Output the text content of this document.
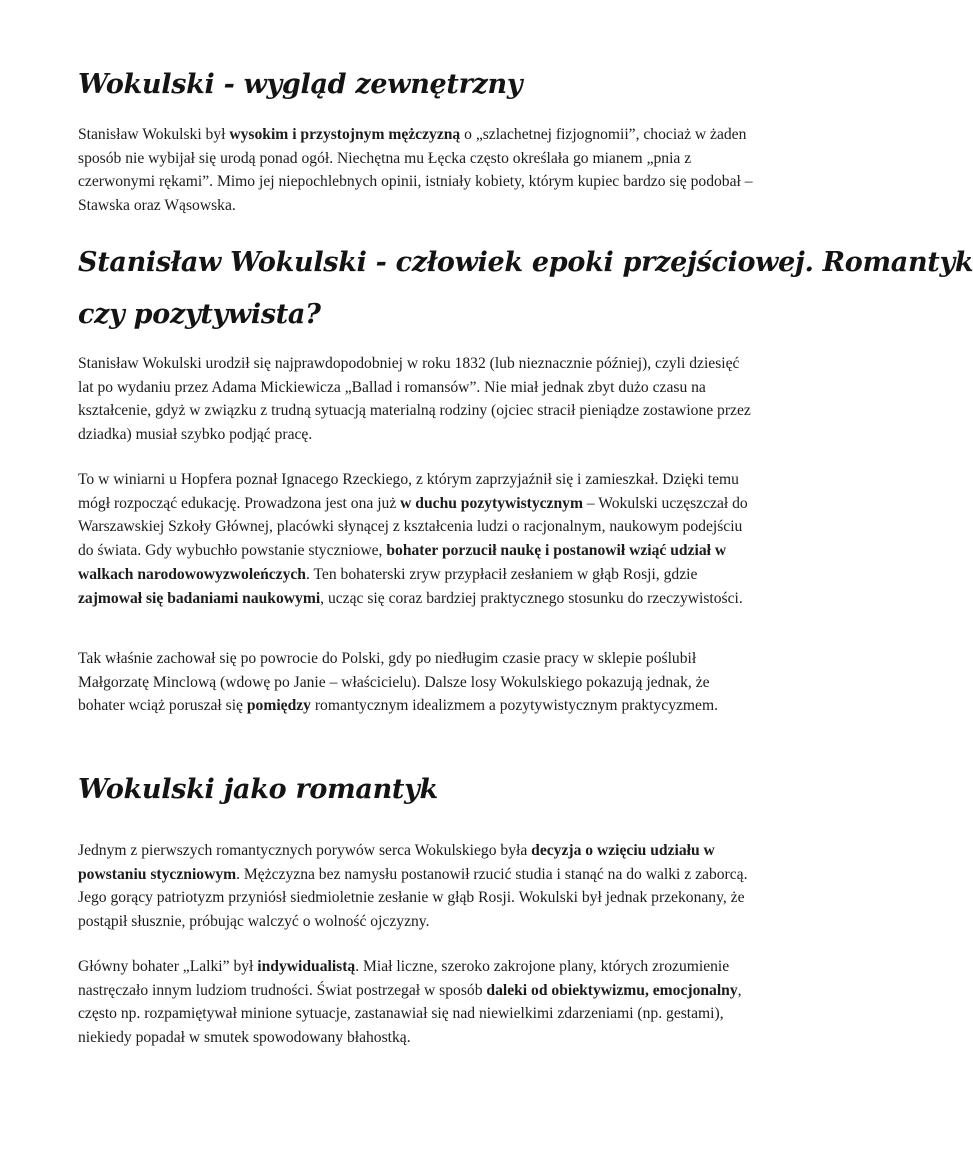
Wokulski - wygląd zewnętrzny

Stanisław Wokulski był wysokim i przystojnym mężczyzną o „szlachetnej fizjognomii”, chociaż w żaden sposób nie wybijał się urodą ponad ogół. Niechętna mu Łęcka często określała go mianem „pnia z czerwonymi rękami”. Mimo jej niepochlebnych opinii, istniały kobiety, którym kupiec bardzo się podobał – Stawska oraz Wąsowska.

Stanisław Wokulski - człowiek epoki przejściowej. Romantyk
czy pozytywista?

Stanisław Wokulski urodził się najprawdopodobniej w roku 1832 (lub nieznacznie później), czyli dziesięć lat po wydaniu przez Adama Mickiewicza „Ballad i romansów”. Nie miał jednak zbyt dużo czasu na kształcenie, gdyż w związku z trudną sytuacją materialną rodziny (ojciec stracił pieniądze zostawione przez dziadka) musiał szybko podjąć pracę.

To w winiarni u Hopfera poznał Ignacego Rzeckiego, z którym zaprzyjaźnił się i zamieszkał. Dzięki temu mógł rozpocząć edukację. Prowadzona jest ona już w duchu pozytywistycznym – Wokulski uczęszczał do Warszawskiej Szkoły Głównej, placówki słynącej z kształcenia ludzi o racjonalnym, naukowym podejściu do świata. Gdy wybuchło powstanie styczniowe, bohater porzucił naukę i postanowił wziąć udział w walkach narodowowyzwoleńczych. Ten bohaterski zryw przypłacił zesłaniem w głąb Rosji, gdzie zajmował się badaniami naukowymi, ucząc się coraz bardziej praktycznego stosunku do rzeczywistości.

Tak właśnie zachował się po powrocie do Polski, gdy po niedługim czasie pracy w sklepie poślubił Małgorzatę Minclową (wdowę po Janie – właścicielu). Dalsze losy Wokulskiego pokazują jednak, że bohater wciąż poruszał się pomiędzy romantycznym idealizmem a pozytywistycznym praktycyzmem.

Wokulski jako romantyk

Jednym z pierwszych romantycznych porywów serca Wokulskiego była decyzja o wzięciu udziału w powstaniu styczniowym. Mężczyzna bez namysłu postanowił rzucić studia i stanąć na do walki z zaborcą. Jego gorący patriotyzm przyniósł siedmioletnie zesłanie w głąb Rosji. Wokulski był jednak przekonany, że postąpił słusznie, próbując walczyć o wolność ojczyzny.

Główny bohater „Lalki” był indywidualistą. Miał liczne, szeroko zakrojone plany, których zrozumienie nastręczało innym ludziom trudności. Świat postrzegał w sposób daleki od obiektywizmu, emocjonalny, często np. rozpamiętywał minione sytuacje, zastanawiał się nad niewielkimi zdarzeniami (np. gestami), niekiedy popadał w smutek spowodowany błahostką.
